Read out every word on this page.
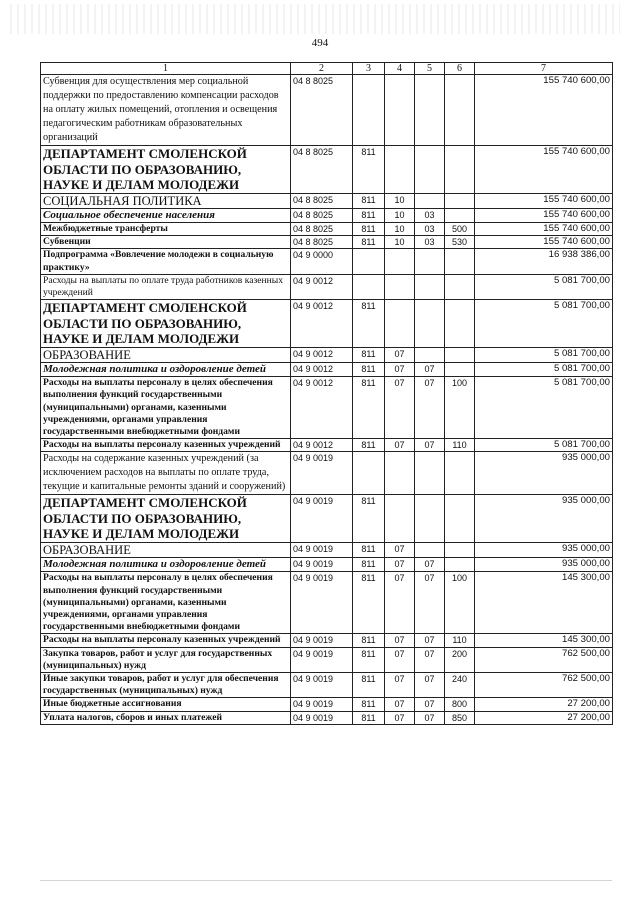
494
1	2	3	4	5	6	7
Субвенция для осуществления мер социальной поддержки по предоставлению компенсации расходов на оплату жилых помещений, отопления и освещения педагогическим работникам образовательных организаций	04 8 8025					155 740 600,00
ДЕПАРТАМЕНТ СМОЛЕНСКОЙ ОБЛАСТИ ПО ОБРАЗОВАНИЮ, НАУКЕ И ДЕЛАМ МОЛОДЕЖИ	04 8 8025	811				155 740 600,00
СОЦИАЛЬНАЯ ПОЛИТИКА	04 8 8025	811	10			155 740 600,00
Социальное обеспечение населения	04 8 8025	811	10	03		155 740 600,00
Межбюджетные трансферты	04 8 8025	811	10	03	500	155 740 600,00
Субвенции	04 8 8025	811	10	03	530	155 740 600,00
Подпрограмма «Вовлечение молодежи в социальную практику»	04 9 0000					16 938 386,00
Расходы на выплаты по оплате труда работников казенных учреждений	04 9 0012					5 081 700,00
ДЕПАРТАМЕНТ СМОЛЕНСКОЙ ОБЛАСТИ ПО ОБРАЗОВАНИЮ, НАУКЕ И ДЕЛАМ МОЛОДЕЖИ	04 9 0012	811				5 081 700,00
ОБРАЗОВАНИЕ	04 9 0012	811	07			5 081 700,00
Молодежная политика и оздоровление детей	04 9 0012	811	07	07		5 081 700,00
Расходы на выплаты персоналу в целях обеспечения выполнения функций государственными (муниципальными) органами, казенными учреждениями, органами управления государственными внебюджетными фондами	04 9 0012	811	07	07	100	5 081 700,00
Расходы на выплаты персоналу казенных учреждений	04 9 0012	811	07	07	110	5 081 700,00
Расходы на содержание казенных учреждений (за исключением расходов на выплаты по оплате труда, текущие и капитальные ремонты зданий и сооружений)	04 9 0019					935 000,00
ДЕПАРТАМЕНТ СМОЛЕНСКОЙ ОБЛАСТИ ПО ОБРАЗОВАНИЮ, НАУКЕ И ДЕЛАМ МОЛОДЕЖИ	04 9 0019	811				935 000,00
ОБРАЗОВАНИЕ	04 9 0019	811	07			935 000,00
Молодежная политика и оздоровление детей	04 9 0019	811	07	07		935 000,00
Расходы на выплаты персоналу в целях обеспечения выполнения функций государственными (муниципальными) органами, казенными учреждениями, органами управления государственными внебюджетными фондами	04 9 0019	811	07	07	100	145 300,00
Расходы на выплаты персоналу казенных учреждений	04 9 0019	811	07	07	110	145 300,00
Закупка товаров, работ и услуг для государственных (муниципальных) нужд	04 9 0019	811	07	07	200	762 500,00
Иные закупки товаров, работ и услуг для обеспечения государственных (муниципальных) нужд	04 9 0019	811	07	07	240	762 500,00
Иные бюджетные ассигнования	04 9 0019	811	07	07	800	27 200,00
Уплата налогов, сборов и иных платежей	04 9 0019	811	07	07	850	27 200,00
